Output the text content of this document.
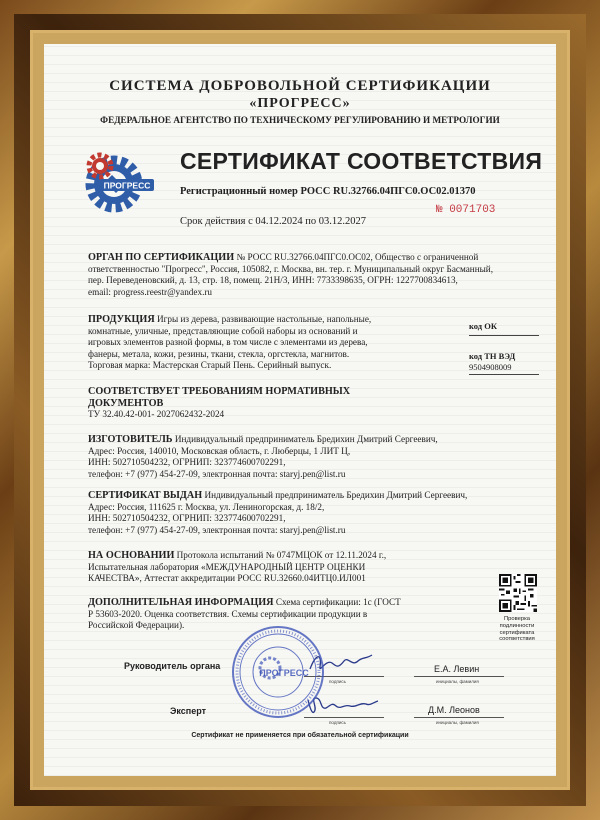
СИСТЕМА ДОБРОВОЛЬНОЙ СЕРТИФИКАЦИИ
«ПРОГРЕСС»
ФЕДЕРАЛЬНОЕ АГЕНТСТВО ПО ТЕХНИЧЕСКОМУ РЕГУЛИРОВАНИЮ И МЕТРОЛОГИИ
ПРОГРЕСС
СЕРТИФИКАТ СООТВЕТСТВИЯ
Регистрационный номер РОСС RU.32766.04ПГС0.ОС02.01370
№ 0071703
Срок действия с 04.12.2024 по 03.12.2027
ОРГАН ПО СЕРТИФИКАЦИИ № РОСС RU.32766.04ПГС0.ОС02, Общество с ограниченной
ответственностью "Прогресс", Россия, 105082, г. Москва, вн. тер. г. Муниципальный округ Басманный,
пер. Переведеновский, д. 13, стр. 18, помещ. 21Н/3, ИНН: 7733398635, ОГРН: 1227700834613,
email: progress.reestr@yandex.ru
ПРОДУКЦИЯ Игры из дерева, развивающие настольные, напольные,
комнатные, уличные, представляющие собой наборы из оснований и
игровых элементов разной формы, в том числе с элементами из дерева,
фанеры, метала, кожи, резины, ткани, стекла, оргстекла, магнитов.
Торговая марка: Мастерская Старый Пень. Серийный выпуск.
код ОК
код ТН ВЭД
9504908009
СООТВЕТСТВУЕТ ТРЕБОВАНИЯМ НОРМАТИВНЫХ
ДОКУМЕНТОВ
ТУ 32.40.42-001- 2027062432-2024
ИЗГОТОВИТЕЛЬ Индивидуальный предприниматель Бредихин Дмитрий Сергеевич,
Адрес: Россия, 140010, Московская область, г. Люберцы, 1 ЛИТ Ц,
ИНН: 502710504232, ОГРНИП: 323774600702291,
телефон: +7 (977) 454-27-09, электронная почта: staryj.pen@list.ru
СЕРТИФИКАТ ВЫДАН Индивидуальный предприниматель Бредихин Дмитрий Сергеевич,
Адрес: Россия, 111625 г. Москва, ул. Лениногорская, д. 18/2,
ИНН: 502710504232, ОГРНИП: 323774600702291,
телефон: +7 (977) 454-27-09, электронная почта: staryj.pen@list.ru
НА ОСНОВАНИИ Протокола испытаний № 0747МЦОК от 12.11.2024 г.,
Испытательная лаборатория «МЕЖДУНАРОДНЫЙ ЦЕНТР ОЦЕНКИ
КАЧЕСТВА», Аттестат аккредитации РОСС RU.32660.04ИТЦ0.ИЛ001
ДОПОЛНИТЕЛЬНАЯ ИНФОРМАЦИЯ Схема сертификации: 1с (ГОСТ
Р 53603-2020. Оценка соответствия. Схемы сертификации продукции в
Российской Федерации).
Проверка
подлинности
сертификата
соответствия
Руководитель органа
подпись
Е.А. Левин
инициалы, фамилия
Эксперт
подпись
Д.М. Леонов
инициалы, фамилия
ПРОГРЕСС
Сертификат не применяется при обязательной сертификации
